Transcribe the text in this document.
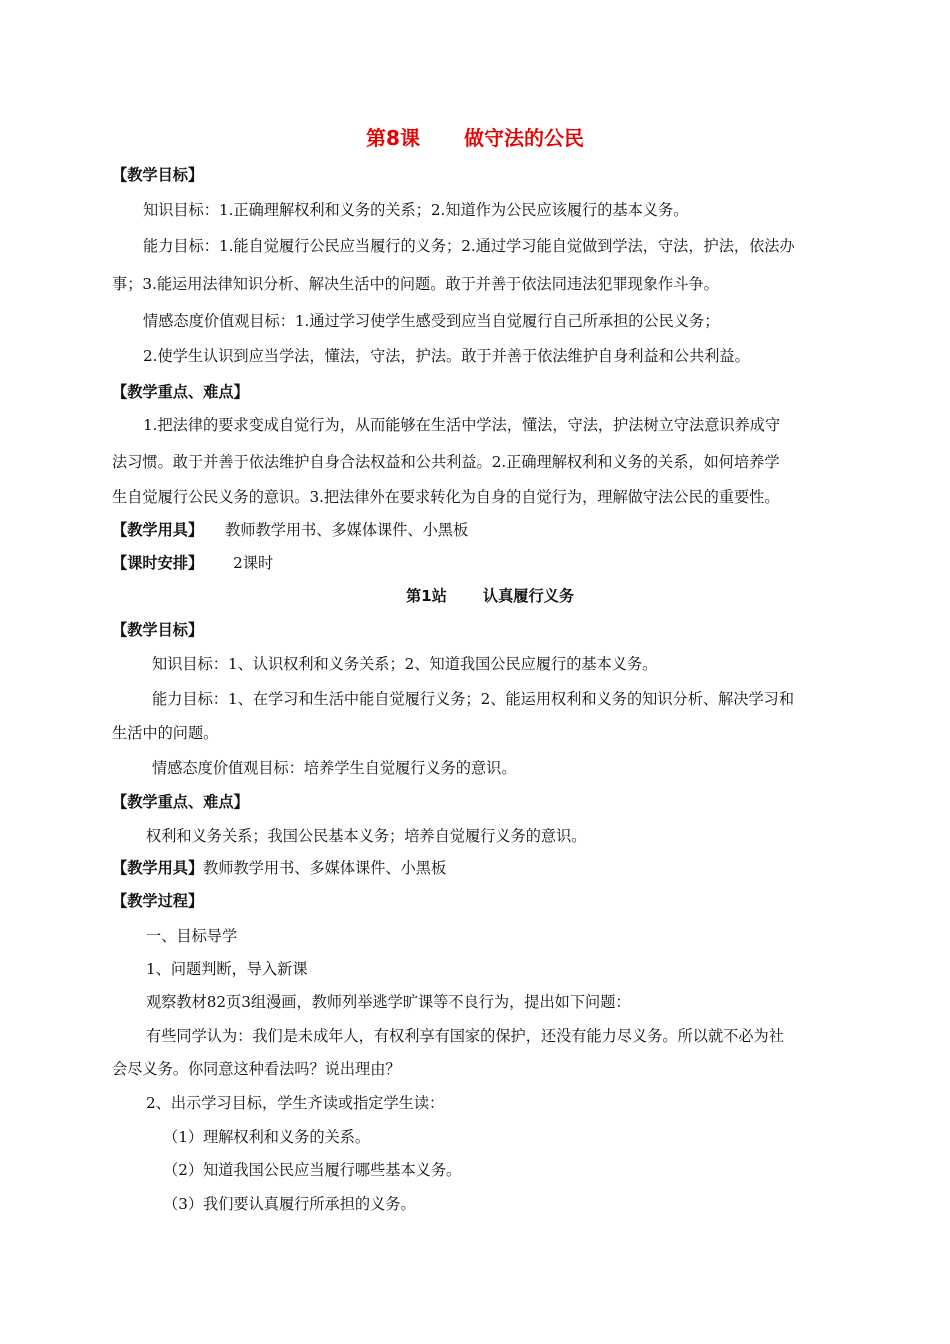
第8课 做守法的公民
【教学目标】
知识目标：1.正确理解权利和义务的关系；2.知道作为公民应该履行的基本义务。
能力目标：1.能自觉履行公民应当履行的义务；2.通过学习能自觉做到学法，守法，护法，依法办
事；3.能运用法律知识分析、解决生活中的问题。敢于并善于依法同违法犯罪现象作斗争。
情感态度价值观目标：1.通过学习使学生感受到应当自觉履行自己所承担的公民义务；
2.使学生认识到应当学法，懂法，守法，护法。敢于并善于依法维护自身利益和公共利益。
【教学重点、难点】
1.把法律的要求变成自觉行为，从而能够在生活中学法，懂法，守法，护法树立守法意识养成守
法习惯。敢于并善于依法维护自身合法权益和公共利益。2.正确理解权利和义务的关系，如何培养学
生自觉履行公民义务的意识。3.把法律外在要求转化为自身的自觉行为，理解做守法公民的重要性。
【教学用具】 教师教学用书、多媒体课件、小黑板
【课时安排】 2课时
第1站 认真履行义务
【教学目标】
知识目标：1、认识权利和义务关系；2、知道我国公民应履行的基本义务。
能力目标：1、在学习和生活中能自觉履行义务；2、能运用权利和义务的知识分析、解决学习和
生活中的问题。
情感态度价值观目标：培养学生自觉履行义务的意识。
【教学重点、难点】
权利和义务关系；我国公民基本义务；培养自觉履行义务的意识。
【教学用具】教师教学用书、多媒体课件、小黑板
【教学过程】
一、目标导学
1、问题判断，导入新课
观察教材82页3组漫画，教师列举逃学旷课等不良行为，提出如下问题：
有些同学认为：我们是未成年人，有权利享有国家的保护，还没有能力尽义务。所以就不必为社
会尽义务。你同意这种看法吗？说出理由？
2、出示学习目标，学生齐读或指定学生读：
（1）理解权利和义务的关系。
（2）知道我国公民应当履行哪些基本义务。
（3）我们要认真履行所承担的义务。
